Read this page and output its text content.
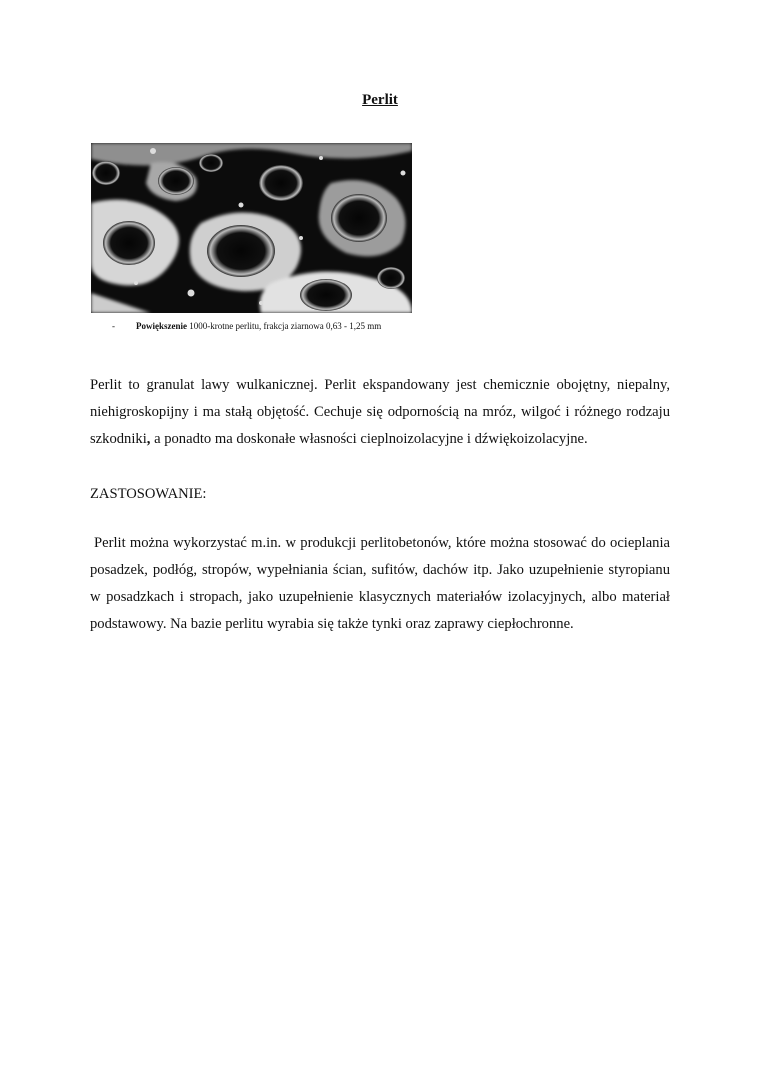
Perlit
- Powiększenie 1000-krotne perlitu, frakcja ziarnowa 0,63 - 1,25 mm

Perlit to granulat lawy wulkanicznej. Perlit ekspandowany jest chemicznie obojętny, niepalny, niehigroskopijny i ma stałą objętość. Cechuje się odpornością na mróz, wilgoć i różnego rodzaju szkodniki, a ponadto ma doskonałe własności cieplnoizolacyjne i dźwiękoizolacyjne.

ZASTOSOWANIE:

Perlit można wykorzystać m.in. w produkcji perlitobetonów, które można stosować do ocieplania posadzek, podłóg, stropów, wypełniania ścian, sufitów, dachów itp. Jako uzupełnienie styropianu w posadzkach i stropach, jako uzupełnienie klasycznych materiałów izolacyjnych, albo materiał podstawowy. Na bazie perlitu wyrabia się także tynki oraz zaprawy ciepłochronne.
